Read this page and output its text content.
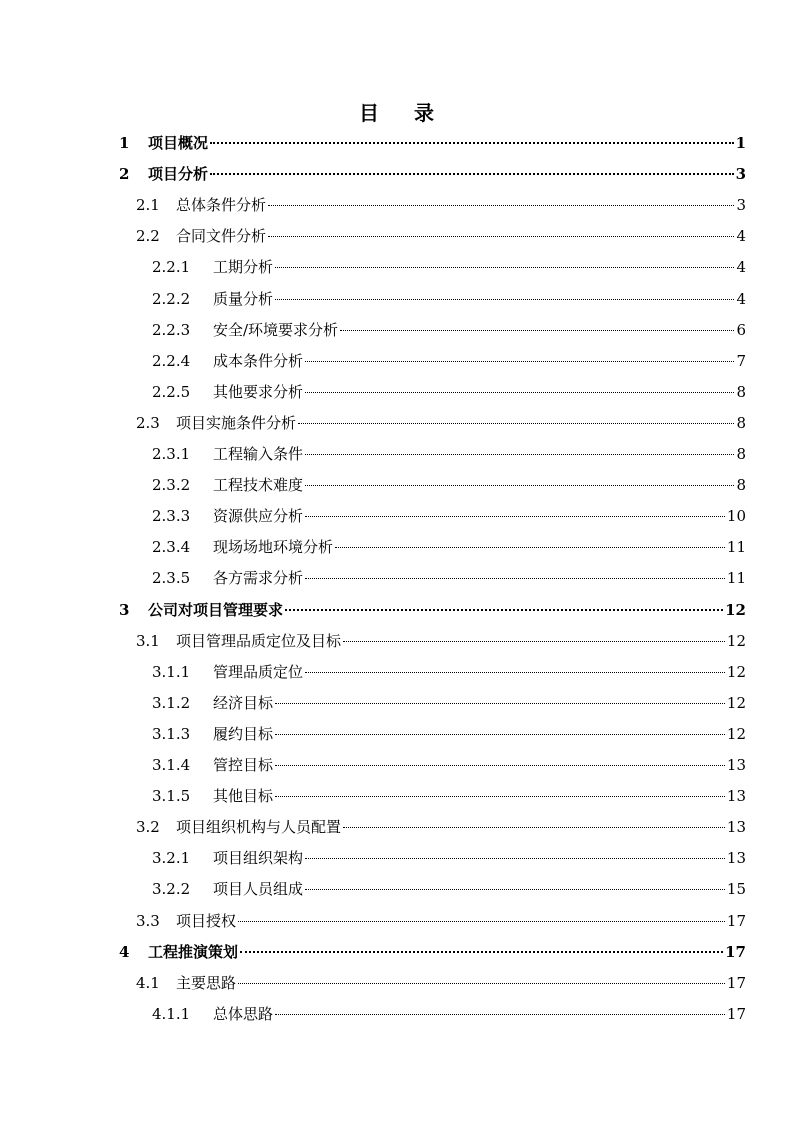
目 录
1	项目概况	1
2	项目分析	3
2.1	总体条件分析	3
2.2	合同文件分析	4
2.2.1	工期分析	4
2.2.2	质量分析	4
2.2.3	安全/环境要求分析	6
2.2.4	成本条件分析	7
2.2.5	其他要求分析	8
2.3	项目实施条件分析	8
2.3.1	工程输入条件	8
2.3.2	工程技术难度	8
2.3.3	资源供应分析	10
2.3.4	现场场地环境分析	11
2.3.5	各方需求分析	11
3	公司对项目管理要求	12
3.1	项目管理品质定位及目标	12
3.1.1	管理品质定位	12
3.1.2	经济目标	12
3.1.3	履约目标	12
3.1.4	管控目标	13
3.1.5	其他目标	13
3.2	项目组织机构与人员配置	13
3.2.1	项目组织架构	13
3.2.2	项目人员组成	15
3.3	项目授权	17
4	工程推演策划	17
4.1	主要思路	17
4.1.1	总体思路	17
